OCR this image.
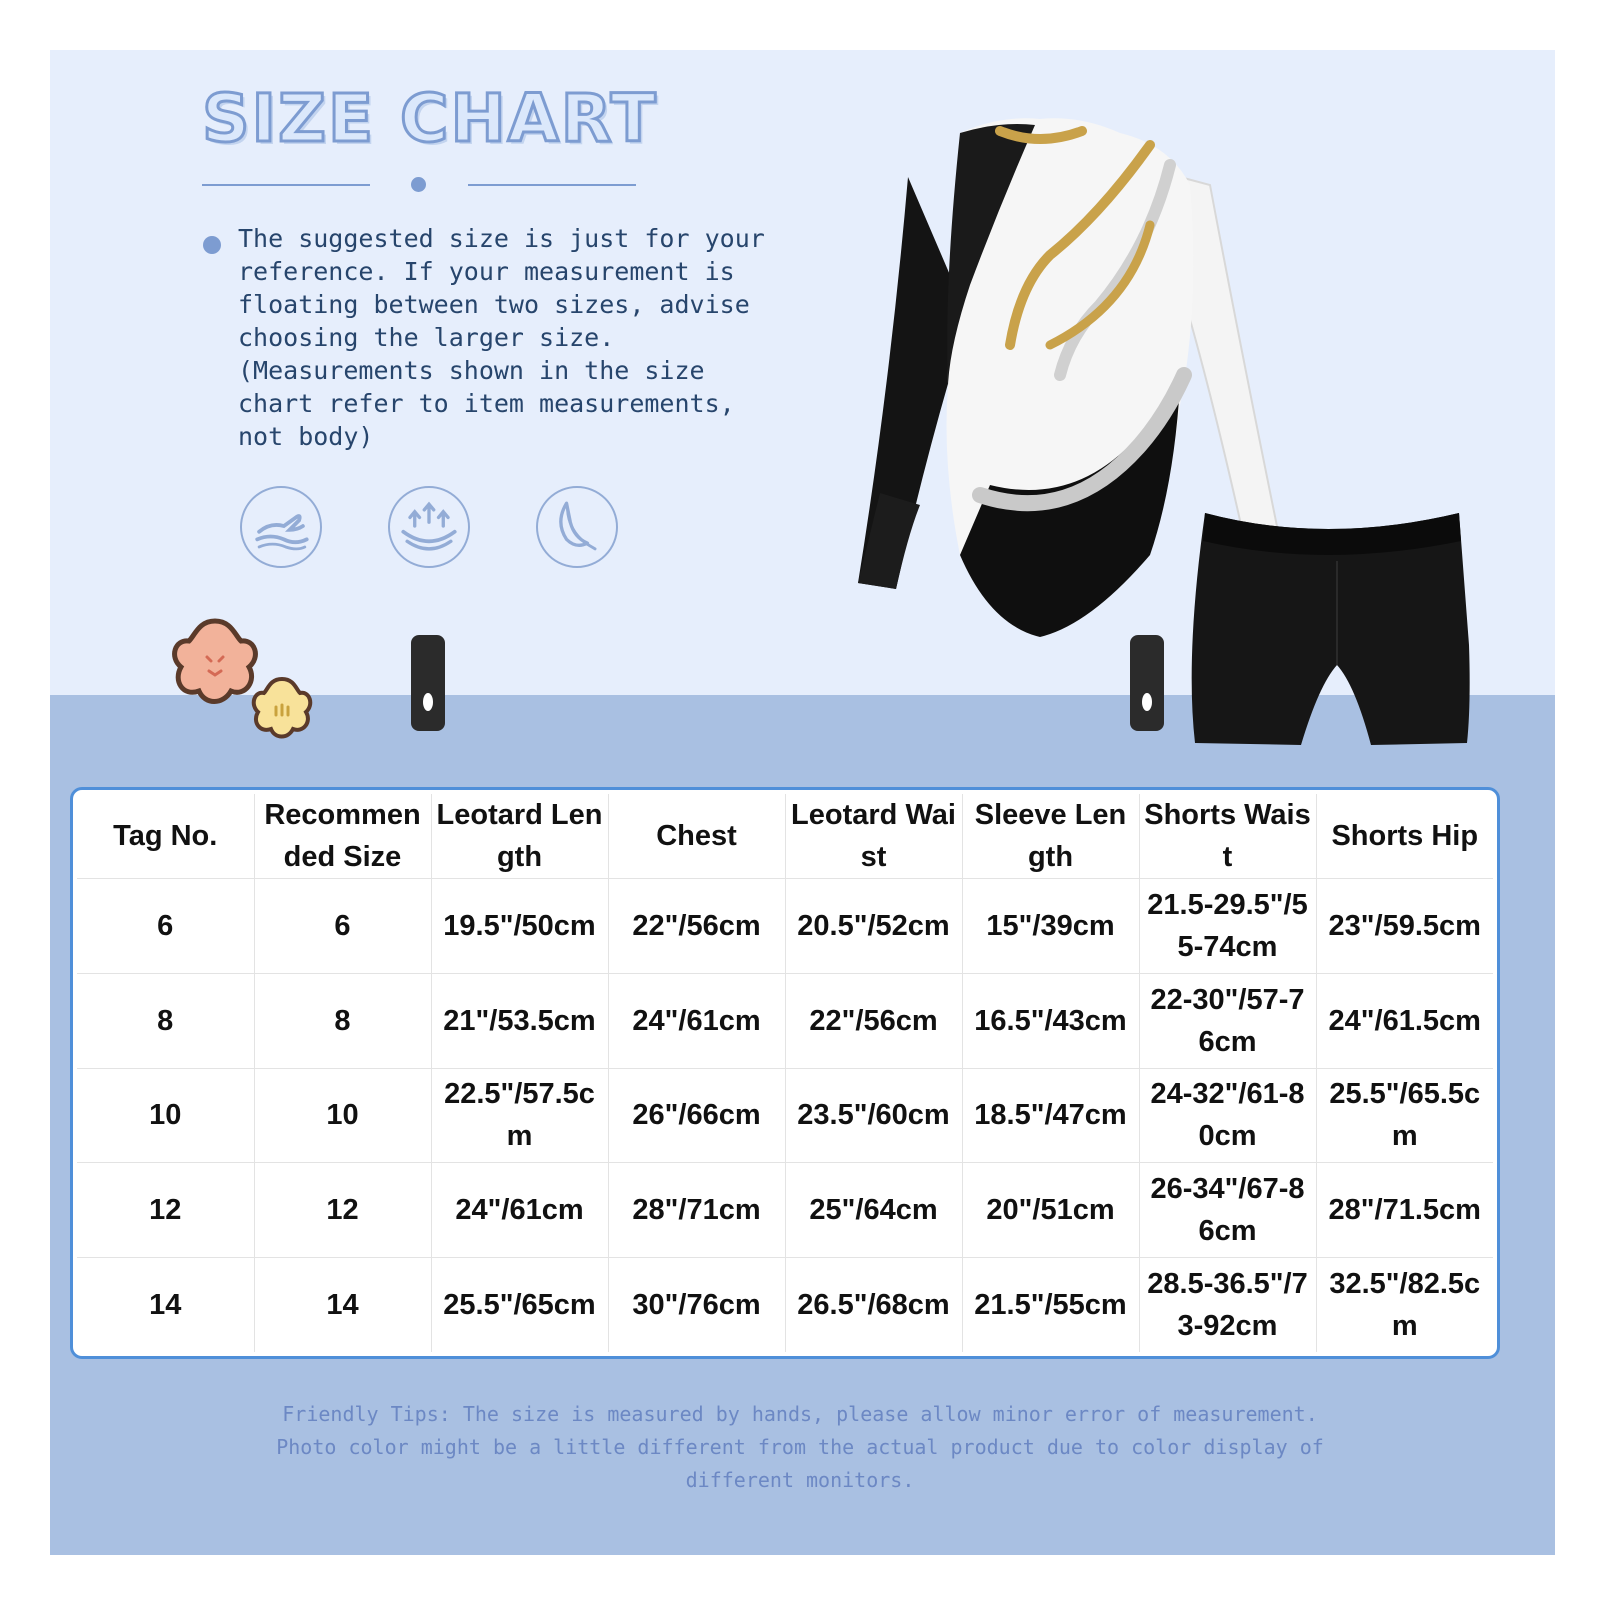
SIZE CHART
The suggested size is just for your
reference. If your measurement is
floating between two sizes, advise
choosing the larger size.
(Measurements shown in the size
chart refer to item measurements,
not body)
Tag No.	Recommended Size	Leotard Length	Chest	Leotard Waist	Sleeve Length	Shorts Waist	Shorts Hip
6	6	19.5"/50cm	22"/56cm	20.5"/52cm	15"/39cm	21.5-29.5"/55-74cm	23"/59.5cm
8	8	21"/53.5cm	24"/61cm	22"/56cm	16.5"/43cm	22-30"/57-76cm	24"/61.5cm
10	10	22.5"/57.5cm	26"/66cm	23.5"/60cm	18.5"/47cm	24-32"/61-80cm	25.5"/65.5cm
12	12	24"/61cm	28"/71cm	25"/64cm	20"/51cm	26-34"/67-86cm	28"/71.5cm
14	14	25.5"/65cm	30"/76cm	26.5"/68cm	21.5"/55cm	28.5-36.5"/73-92cm	32.5"/82.5cm
Friendly Tips: The size is measured by hands, please allow minor error of measurement.
Photo color might be a little different from the actual product due to color display of
different monitors.
